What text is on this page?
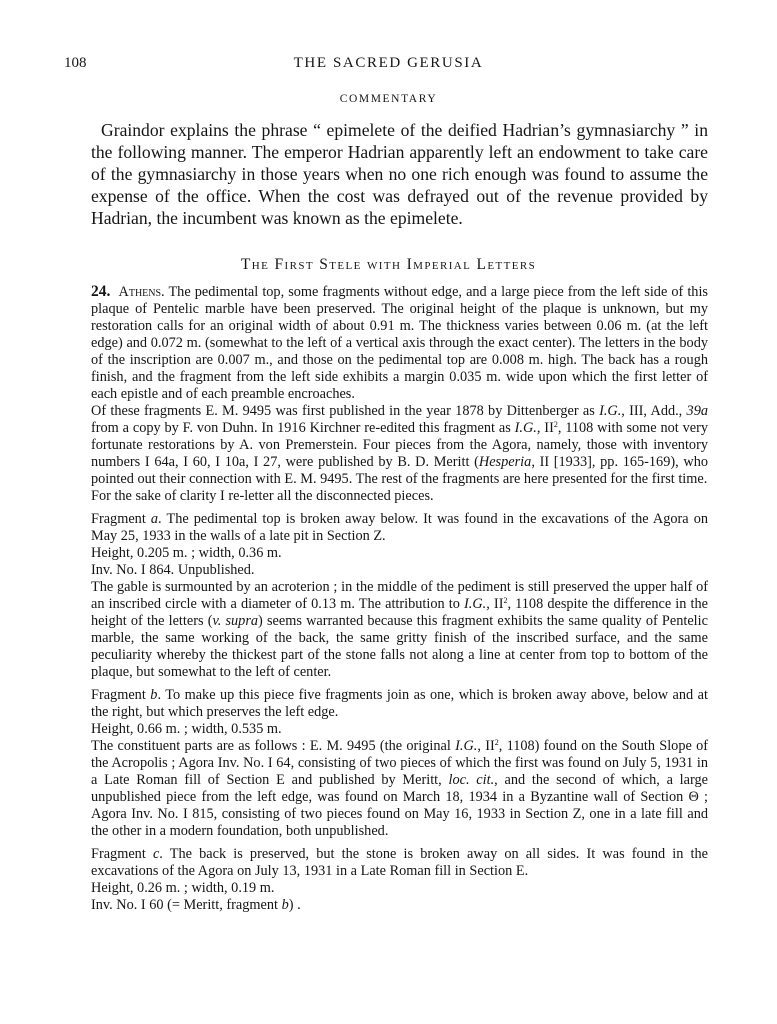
108	THE SACRED GERUSIA
COMMENTARY

Graindor explains the phrase “ epimelete of the deified Hadrian’s gymnasiarchy ” in the following manner. The emperor Hadrian apparently left an endowment to take care of the gymnasiarchy in those years when no one rich enough was found to assume the expense of the office. When the cost was defrayed out of the revenue provided by Hadrian, the incumbent was known as the epimelete.

The First Stele with Imperial Letters

24. Athens. The pedimental top, some fragments without edge, and a large piece from the left side of this plaque of Pentelic marble have been preserved. The original height of the plaque is unknown, but my restoration calls for an original width of about 0.91 m. The thickness varies between 0.06 m. (at the left edge) and 0.072 m. (somewhat to the left of a vertical axis through the exact center). The letters in the body of the inscription are 0.007 m., and those on the pedimental top are 0.008 m. high. The back has a rough finish, and the fragment from the left side exhibits a margin 0.035 m. wide upon which the first letter of each epistle and of each preamble encroaches.

Of these fragments E. M. 9495 was first published in the year 1878 by Dittenberger as I.G., III, Add., 39a from a copy by F. von Duhn. In 1916 Kirchner re-edited this fragment as I.G., $II^2$, 1108 with some not very fortunate restorations by A. von Premerstein. Four pieces from the Agora, namely, those with inventory numbers I 64a, I 60, I 10a, I 27, were published by B. D. Meritt (Hesperia, II [1933], pp. 165-169), who pointed out their connection with E. M. 9495. The rest of the fragments are here presented for the first time.

For the sake of clarity I re-letter all the disconnected pieces.

Fragment a. The pedimental top is broken away below. It was found in the excavations of the Agora on May 25, 1933 in the walls of a late pit in Section Z.

Height, 0.205 m. ; width, 0.36 m.

Inv. No. I 864. Unpublished.

The gable is surmounted by an acroterion ; in the middle of the pediment is still preserved the upper half of an inscribed circle with a diameter of 0.13 m. The attribution to I.G., $II^2$, 1108 despite the difference in the height of the letters (v. supra) seems warranted because this fragment exhibits the same quality of Pentelic marble, the same working of the back, the same gritty finish of the inscribed surface, and the same peculiarity whereby the thickest part of the stone falls not along a line at center from top to bottom of the plaque, but somewhat to the left of center.

Fragment b. To make up this piece five fragments join as one, which is broken away above, below and at the right, but which preserves the left edge.

Height, 0.66 m. ; width, 0.535 m.

The constituent parts are as follows : E. M. 9495 (the original I.G., $II^2$, 1108) found on the South Slope of the Acropolis ; Agora Inv. No. I 64, consisting of two pieces of which the first was found on July 5, 1931 in a Late Roman fill of Section Ε and published by Meritt, loc. cit., and the second of which, a large unpublished piece from the left edge, was found on March 18, 1934 in a Byzantine wall of Section Θ ; Agora Inv. No. I 815, consisting of two pieces found on May 16, 1933 in Section Z, one in a late fill and the other in a modern foundation, both unpublished.

Fragment c. The back is preserved, but the stone is broken away on all sides. It was found in the excavations of the Agora on July 13, 1931 in a Late Roman fill in Section Ε.

Height, 0.26 m. ; width, 0.19 m.

Inv. No. I 60 (= Meritt, fragment b) .
